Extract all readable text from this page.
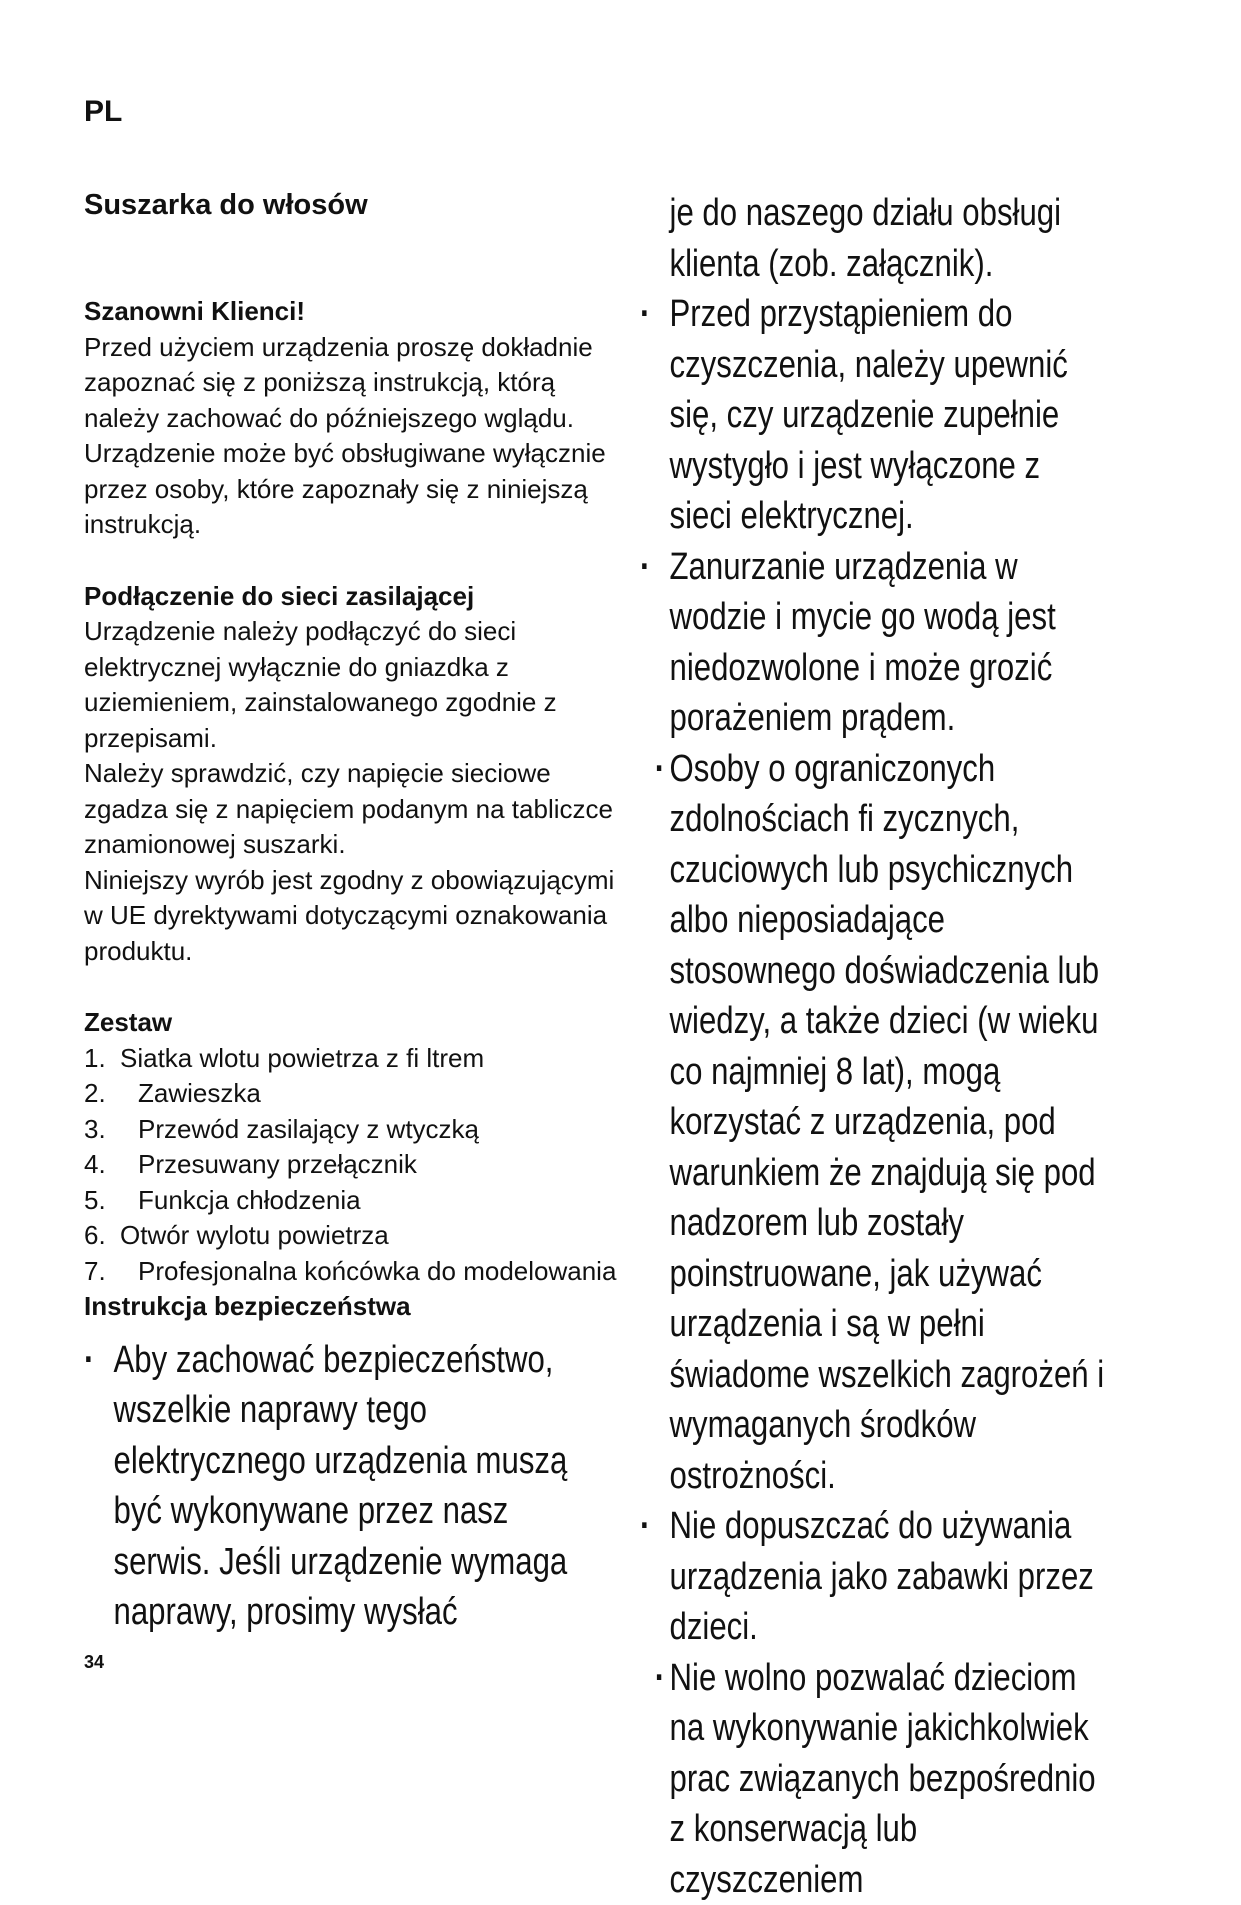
PL
Suszarka do włosów
Szanowni Klienci!

Przed użyciem urządzenia proszę dokładnie zapoznać się z poniższą instrukcją, którą należy zachować do późniejszego wglądu. Urządzenie może być obsługiwane wyłącznie przez osoby, które zapoznały się z niniejszą instrukcją.

Podłączenie do sieci zasilającej

Urządzenie należy podłączyć do sieci elektrycznej wyłącznie do gniazdka z uziemieniem, zainstalowanego zgodnie z przepisami.

Należy sprawdzić, czy napięcie sieciowe zgadza się z napięciem podanym na tabliczce znamionowej suszarki.

Niniejszy wyrób jest zgodny z obowiązującymi w UE dyrektywami dotyczącymi oznakowania produktu.

Zestaw
1. Siatka wlotu powietrza z fi ltrem
2.	Zawieszka
3.	Przewód zasilający z wtyczką
4.	Przesuwany przełącznik
5.	Funkcja chłodzenia
6. Otwór wylotu powietrza
7.	Profesjonalna końcówka do modelowania
Instrukcja bezpieczeństwa
· Aby zachować bezpieczeństwo, wszelkie naprawy tego elektrycznego urządzenia muszą być wykonywane przez nasz serwis. Jeśli urządzenie wymaga naprawy, prosimy wysłać
je do naszego działu obsługi klienta (zob. załącznik).
· Przed przystąpieniem do czyszczenia, należy upewnić się, czy urządzenie zupełnie wystygło i jest wyłączone z sieci elektrycznej.
· Zanurzanie urządzenia w wodzie i mycie go wodą jest niedozwolone i może grozić porażeniem prądem.
· Osoby o ograniczonych zdolnościach fi zycznych, czuciowych lub psychicznych albo nieposiadające stosownego doświadczenia lub wiedzy, a także dzieci (w wieku co najmniej 8 lat), mogą korzystać z urządzenia, pod warunkiem że znajdują się pod nadzorem lub zostały poinstruowane, jak używać urządzenia i są w pełni świadome wszelkich zagrożeń i wymaganych środków ostrożności.
· Nie dopuszczać do używania urządzenia jako zabawki przez dzieci.
· Nie wolno pozwalać dzieciom na wykonywanie jakichkolwiek prac związanych bezpośrednio z konserwacją lub czyszczeniem
34
